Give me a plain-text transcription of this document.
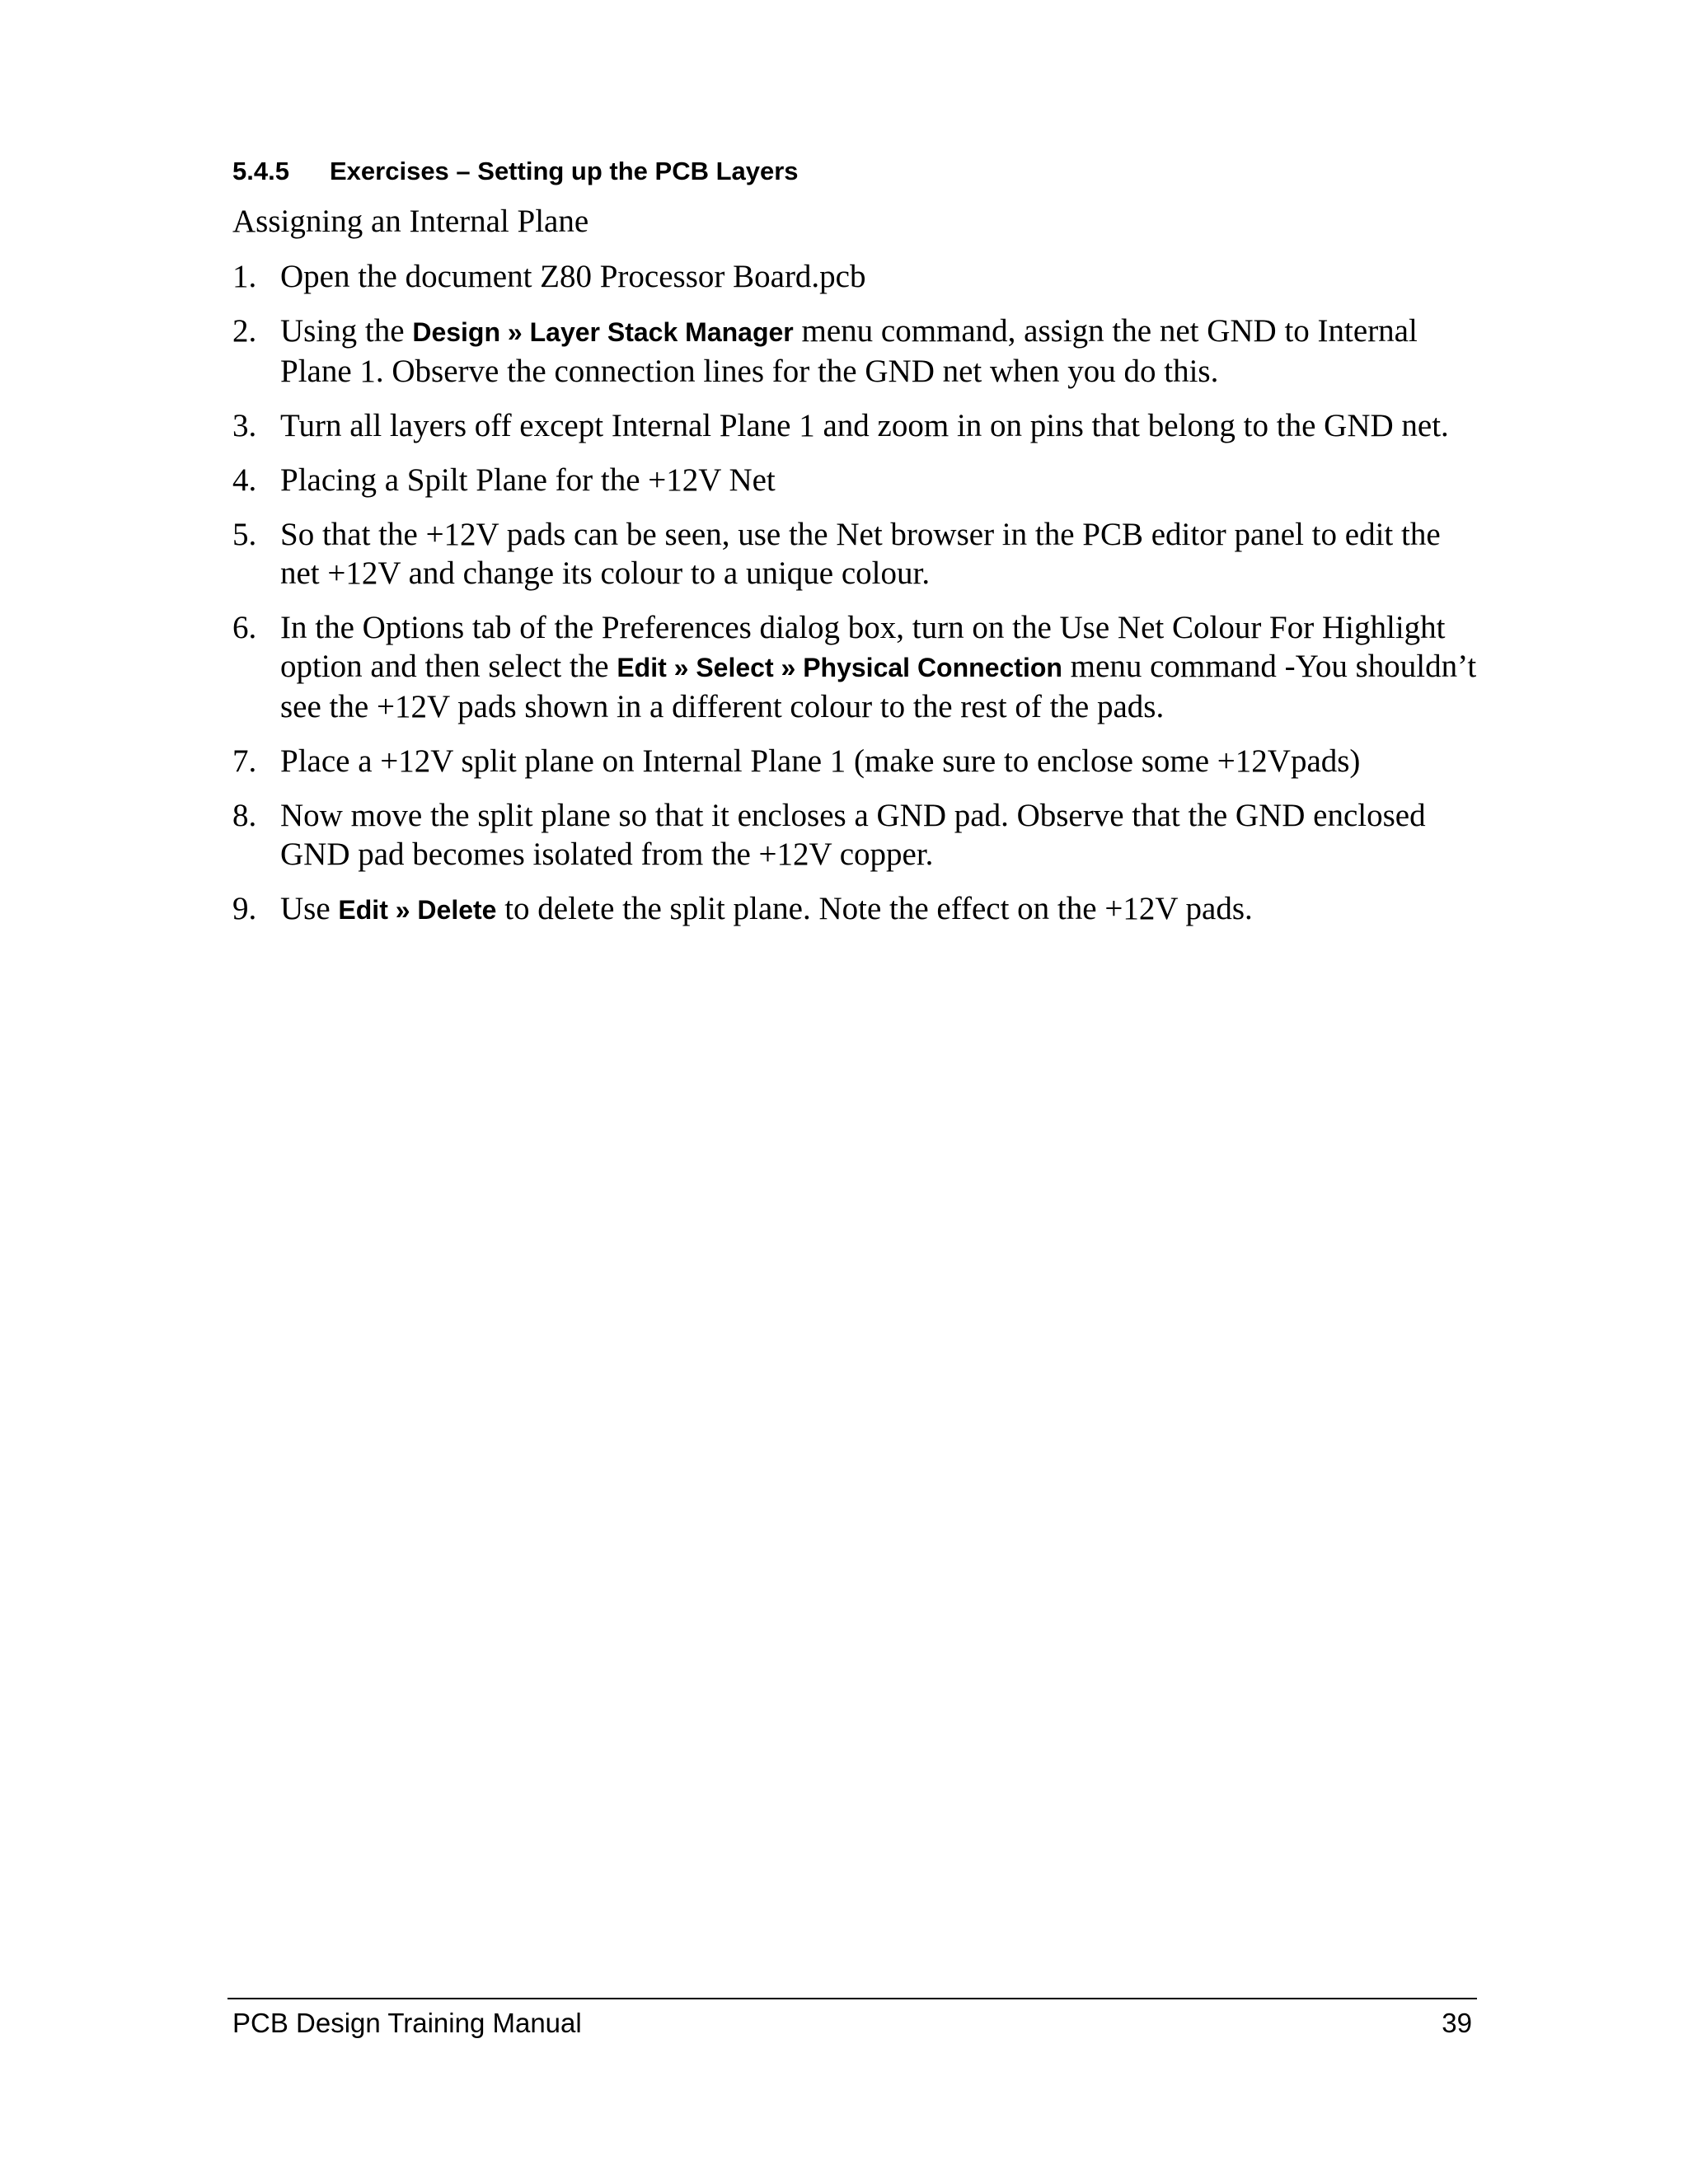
5.4.5 Exercises – Setting up the PCB Layers
Assigning an Internal Plane
1. Open the document Z80 Processor Board.pcb
2. Using the Design » Layer Stack Manager menu command, assign the net GND to Internal Plane 1. Observe the connection lines for the GND net when you do this.
3. Turn all layers off except Internal Plane 1 and zoom in on pins that belong to the GND net.
4. Placing a Spilt Plane for the +12V Net
5. So that the +12V pads can be seen, use the Net browser in the PCB editor panel to edit the net +12V and change its colour to a unique colour.
6. In the Options tab of the Preferences dialog box, turn on the Use Net Colour For Highlight option and then select the Edit » Select » Physical Connection menu command -You shouldn’t see the +12V pads shown in a different colour to the rest of the pads.
7. Place a +12V split plane on Internal Plane 1 (make sure to enclose some +12Vpads)
8. Now move the split plane so that it encloses a GND pad. Observe that the GND enclosed GND pad becomes isolated from the +12V copper.
9. Use Edit » Delete to delete the split plane. Note the effect on the +12V pads.
PCB Design Training Manual	39
